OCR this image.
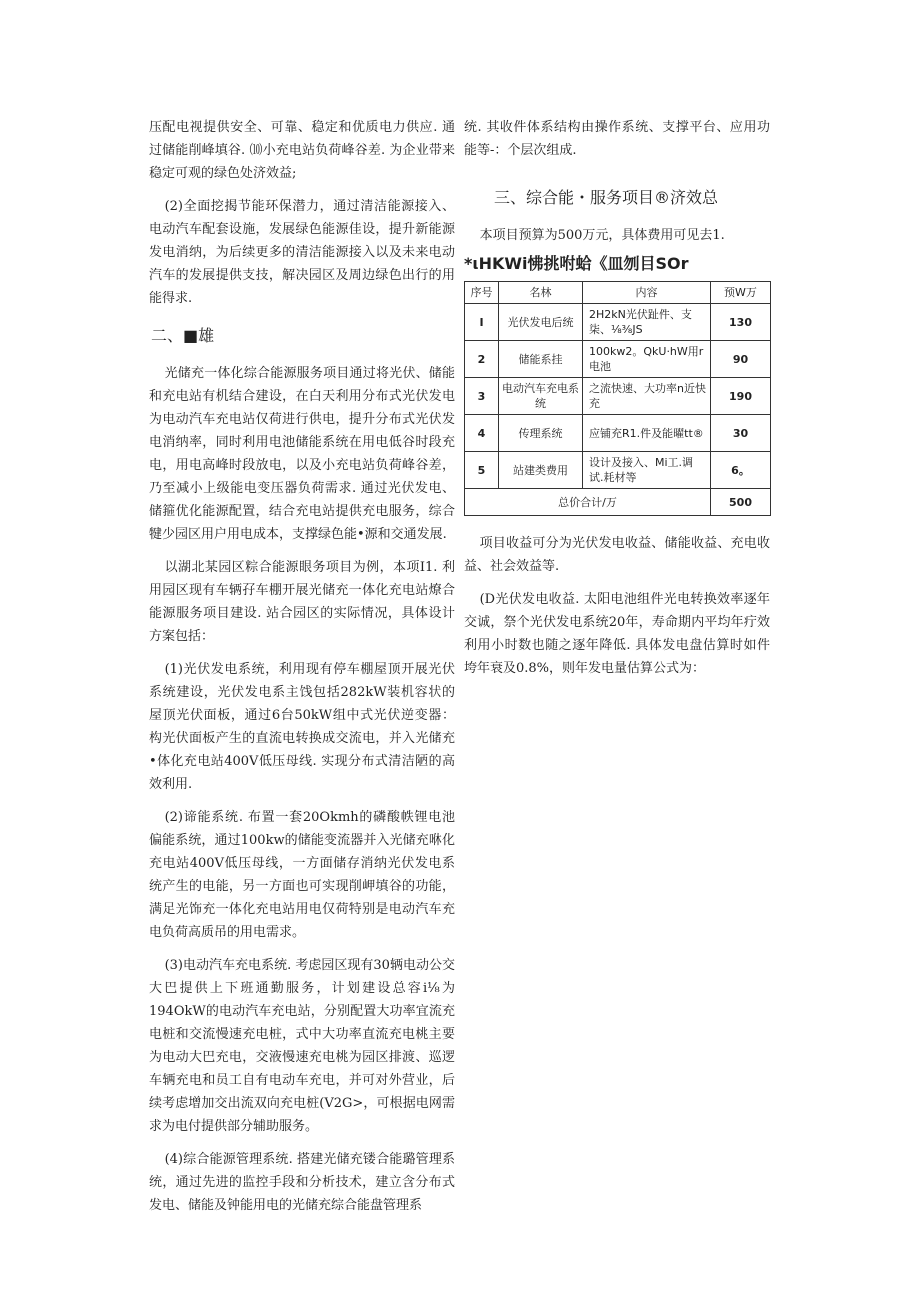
压配电视提供安全、可靠、稳定和优质电力供应. 通过储能削峰填谷. ⑽小充电站负荷峰谷差. 为企业带来稳定可观的绿色处济效益;

(2)全面挖揭节能环保潜力，通过清洁能源接入、电动汽车配套设施，发展绿色能源佳设，提升新能源发电消纳，为后续更多的清洁能源接入以及未来电动汽车的发展提供支技，解决园区及周边绿色出行的用能得求.

二、■雄

光储充一体化综合能源服务项目通过将光伏、储能和充电站有机结合建设，在白天利用分布式光伏发电为电动汽车充电站仅荷进行供电，提升分布式光伏发电消纳率，同时利用电池储能系统在用电低谷时段充电，用电高峰时段放电，以及小充电站负荷峰谷差，乃至减小上级能电变压器负荷需求. 通过光伏发电、储箍优化能源配置，结合充电站提供充电服务，综合犍少园区用户用电成本，支撑绿色能•源和交通发展.

以湖北某园区粽合能源眼务项目为例，本项I1. 利用园区现有车辆孖车棚开展光储充一体化充电站燎合能源服务项目建设. 站合园区的实际情况，具体设计方案包括：

(1)光伏发电系统，利用现有停车棚屋顶开展光伏系统建设，光伏发电系主饯包括282kW装机容状的屋顶光伏面板，通过6台50kW组中式光伏逆变器：构光伏面板产生的直流电转换成交流电，并入光储充•体化充电站400V低压母线. 实现分布式清洁陋的高效利用.

(2)谛能系统. 布置一套20Okmh的磷酸帙锂电池偏能系统，通过100kw的储能变流器并入光储充咻化充电站400V低压母线，一方面储存消纳光伏发电系统产生的电能，另一方面也可实现削岬填谷的功能，满足光饰充一体化充电站用电仅荷特别是电动汽车充电负荷高质吊的用电需求。

(3)电动汽车充电系统. 考虑园区现有30辆电动公交大巴提供上下班通勤服务，计划建设总容i⅛为194OkW的电动汽车充电站，分别配置大功率宜流充电桩和交流慢速充电桩，式中大功率直流充电桃主要为电动大巴充电，交液慢速充电桃为园区排渡、巡逻车辆充电和员工自有电动车充电，并可对外营业，后续考虑增加交出流双向充电桩(V2G>，可根据电网需求为电付提供部分辅助服务。

(4)综合能源管理系统. 搭建光储充镂合能璐管理系统，通过先进的监控手段和分析技术，建立含分布式发电、储能及钟能用电的光储充综合能盘管理系

统. 其收件体系结构由操作系统、支撑平台、应用功能等-：个层次组成.

三、综合能・服务项目®济效总

本项目预算为500万元，具体费用可见去1.

*ιHKWi怫挑咐蛤《皿刎目SOr
序号	名林	内容	预W万
I	光伏发电后统	2H2kN光伏趾件、支柒、⅛⅜JS	130
2	储能系挂	100kw2。QkU·hW用r电池	90
3	电动汽车充电系统	之流快速、大功率n近快充	190
4	传理系统	应铺充R1.件及能曜tt®	30
5	站建类费用	设计及接入、Mi工.调试.耗材等	6。
总价合计/万			500

项目收益可分为光伏发电收益、储能收益、充电收益、社会效益等.

(D光伏发电收益. 太阳电池组件光电转换效率逐年交诚，祭个光伏发电系统20年，寿命期内平均年疔效利用小时数也随之逐年降低. 具体发电盘估算时如件垮年衰及0.8%，则年发电量估算公式为：
